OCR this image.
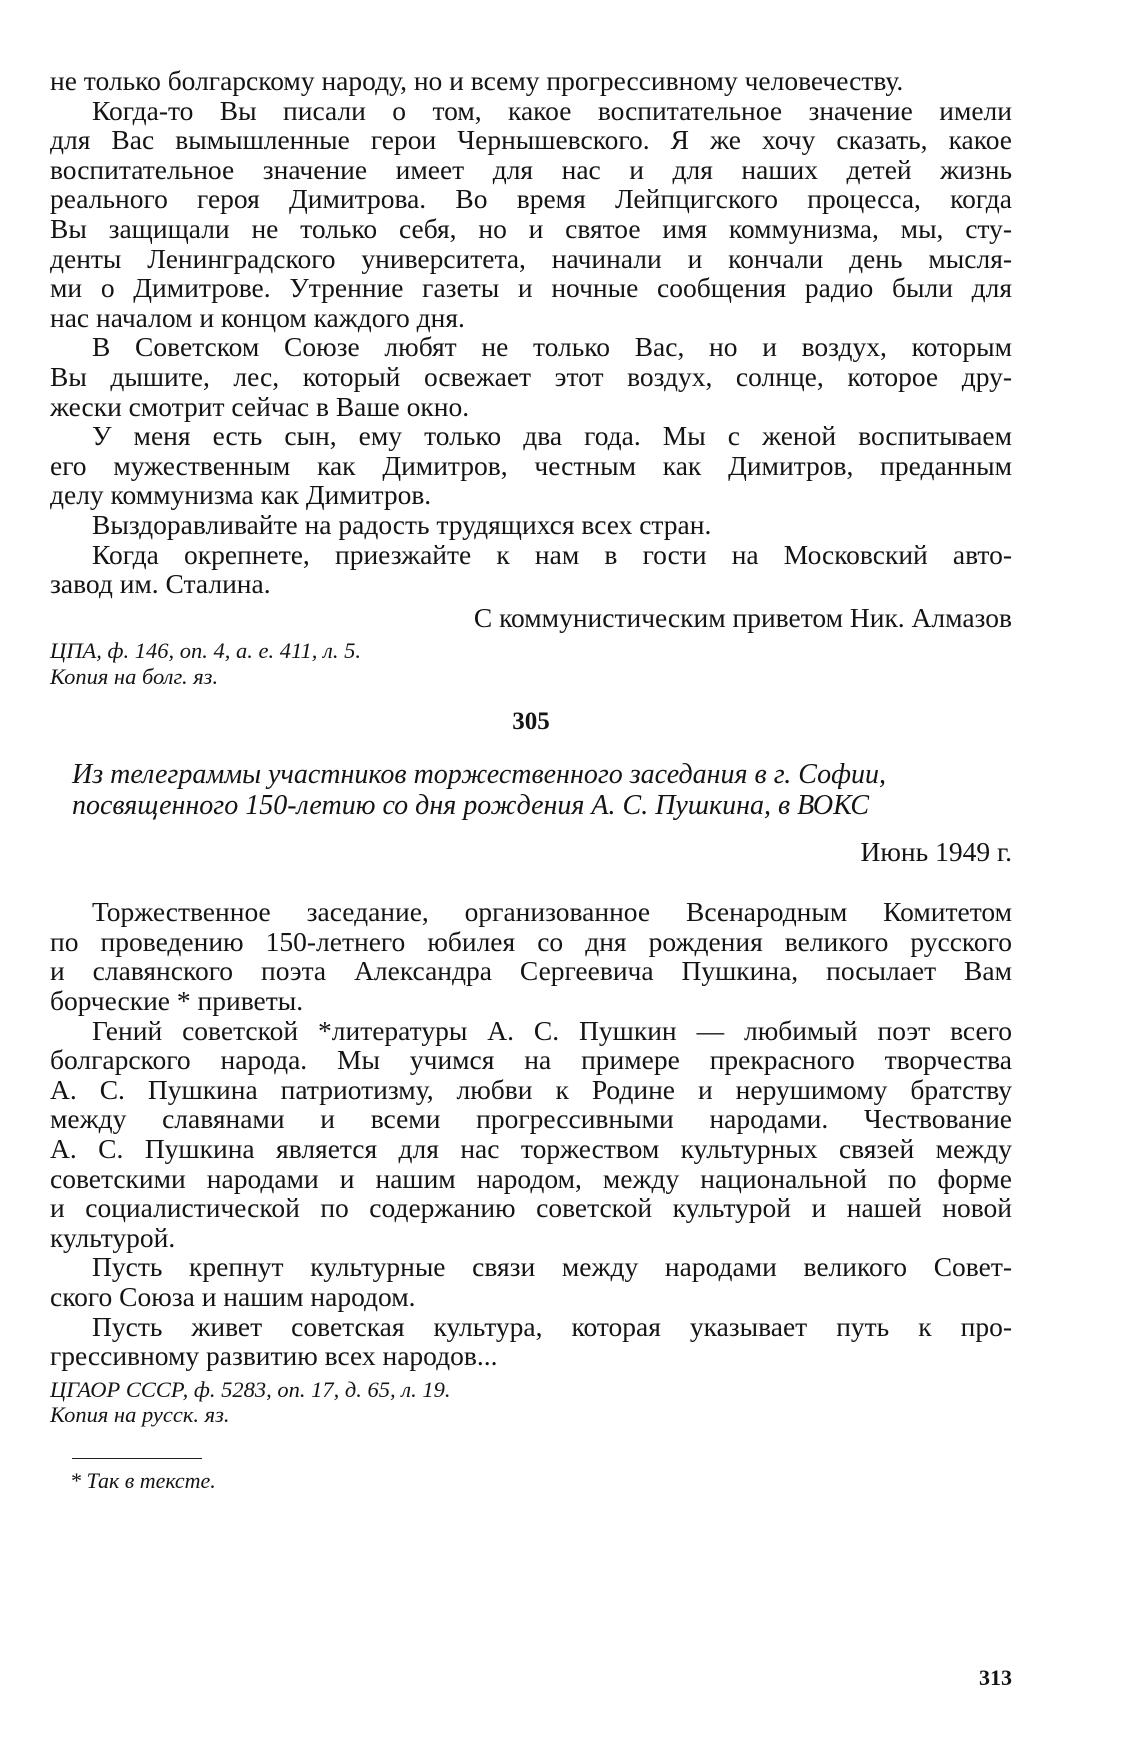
не только болгарскому народу, но и всему прогрессивному человечеству.
Когда-то Вы писали о том, какое воспитательное значение имели
для Вас вымышленные герои Чернышевского. Я же хочу сказать, какое
воспитательное значение имеет для нас и для наших детей жизнь
реального героя Димитрова. Во время Лейпцигского процесса, когда
Вы защищали не только себя, но и святое имя коммунизма, мы, сту-
денты Ленинградского университета, начинали и кончали день мысля-
ми о Димитрове. Утренние газеты и ночные сообщения радио были для
нас началом и концом каждого дня.
В Советском Союзе любят не только Вас, но и воздух, которым
Вы дышите, лес, который освежает этот воздух, солнце, которое дру-
жески смотрит сейчас в Ваше окно.
У меня есть сын, ему только два года. Мы с женой воспитываем
его мужественным как Димитров, честным как Димитров, преданным
делу коммунизма как Димитров.
Выздоравливайте на радость трудящихся всех стран.
Когда окрепнете, приезжайте к нам в гости на Московский авто-
завод им. Сталина.
С коммунистическим приветом Ник. Алмазов
ЦПА, ф. 146, оп. 4, а. е. 411, л. 5.
Копия на болг. яз.
305
Из телеграммы участников торжественного заседания в г. Софии,
посвященного 150-летию со дня рождения А. С. Пушкина, в ВОКС
Июнь 1949 г.
Торжественное заседание, организованное Всенародным Комитетом
по проведению 150-летнего юбилея со дня рождения великого русского
и славянского поэта Александра Сергеевича Пушкина, посылает Вам
борческие * приветы.
Гений советской *литературы А. С. Пушкин — любимый поэт всего
болгарского народа. Мы учимся на примере прекрасного творчества
А. С. Пушкина патриотизму, любви к Родине и нерушимому братству
между славянами и всеми прогрессивными народами. Чествование
А. С. Пушкина является для нас торжеством культурных связей между
советскими народами и нашим народом, между национальной по форме
и социалистической по содержанию советской культурой и нашей новой
культурой.
Пусть крепнут культурные связи между народами великого Совет-
ского Союза и нашим народом.
Пусть живет советская культура, которая указывает путь к про-
грессивному развитию всех народов...
ЦГАОР СССР, ф. 5283, оп. 17, д. 65, л. 19.
Копия на русск. яз.
* Так в тексте.
313
